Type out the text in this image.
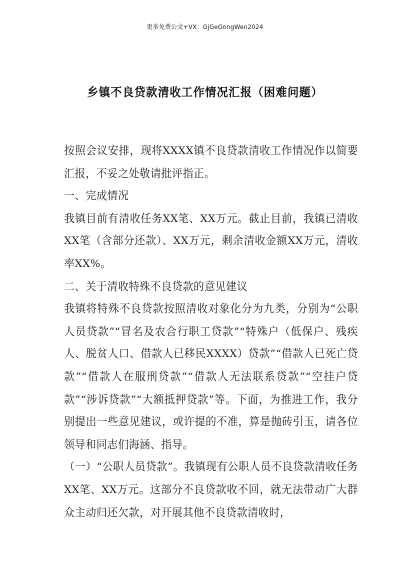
更多免费公文+VX：GjGeGongWen2024
乡镇不良贷款清收工作情况汇报（困难问题）

按照会议安排，现将XXXX镇不良贷款清收工作情况作以简要汇报，不妥之处敬请批评指正。

一、完成情况

我镇目前有清收任务XX笔、XX万元。截止目前，我镇已清收XX笔（含部分还款）、XX万元，剩余清收金额XX万元，清收率XX%。

二、关于清收特殊不良贷款的意见建议

我镇将特殊不良贷款按照清收对象化分为九类，分别为“公职人员贷款”“冒名及农合行职工贷款”“特殊户（低保户、残疾人、脱贫人口、借款人已移民XXXX）贷款”“借款人已死亡贷款”“借款人在服刑贷款”“借款人无法联系贷款”“空挂户贷款”“涉诉贷款”“大额抵押贷款”等。下面，为推进工作，我分别提出一些意见建议，或许提的不准，算是抛砖引玉，请各位领导和同志们海涵、指导。

（一）“公职人员贷款”。我镇现有公职人员不良贷款清收任务XX笔、XX万元。这部分不良贷款收不回，就无法带动广大群众主动归还欠款，对开展其他不良贷款清收时，
